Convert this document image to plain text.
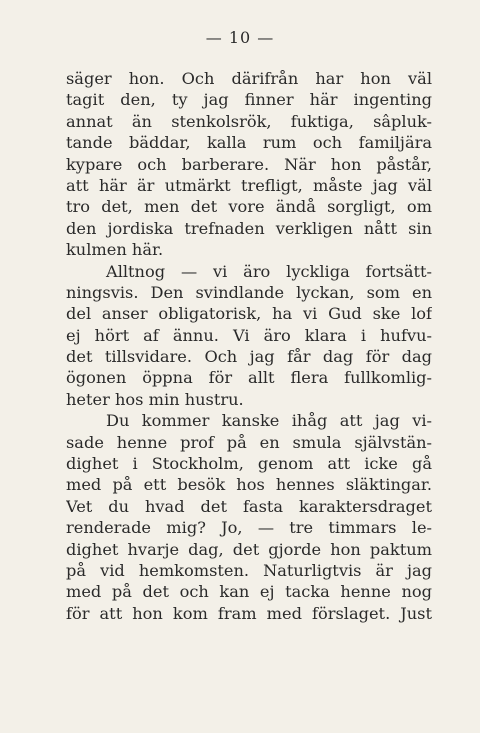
— 10 —
säger hon. Och därifrån har hon väl
tagit den, ty jag finner här ingenting
annat än stenkolsrök, fuktiga, sâpluk-
tande bäddar, kalla rum och familjära
kypare och barberare. När hon påstår,
att här är utmärkt trefligt, måste jag väl
tro det, men det vore ändå sorgligt, om
den jordiska trefnaden verkligen nått sin
kulmen här.
Alltnog — vi äro lyckliga fortsätt-
ningsvis. Den svindlande lyckan, som en
del anser obligatorisk, ha vi Gud ske lof
ej hört af ännu. Vi äro klara i hufvu-
det tillsvidare. Och jag får dag för dag
ögonen öppna för allt flera fullkomlig-
heter hos min hustru.
Du kommer kanske ihåg att jag vi-
sade henne prof på en smula självstän-
dighet i Stockholm, genom att icke gå
med på ett besök hos hennes släktingar.
Vet du hvad det fasta karaktersdraget
renderade mig? Jo, — tre timmars le-
dighet hvarje dag, det gjorde hon paktum
på vid hemkomsten. Naturligtvis är jag
med på det och kan ej tacka henne nog
för att hon kom fram med förslaget. Just
